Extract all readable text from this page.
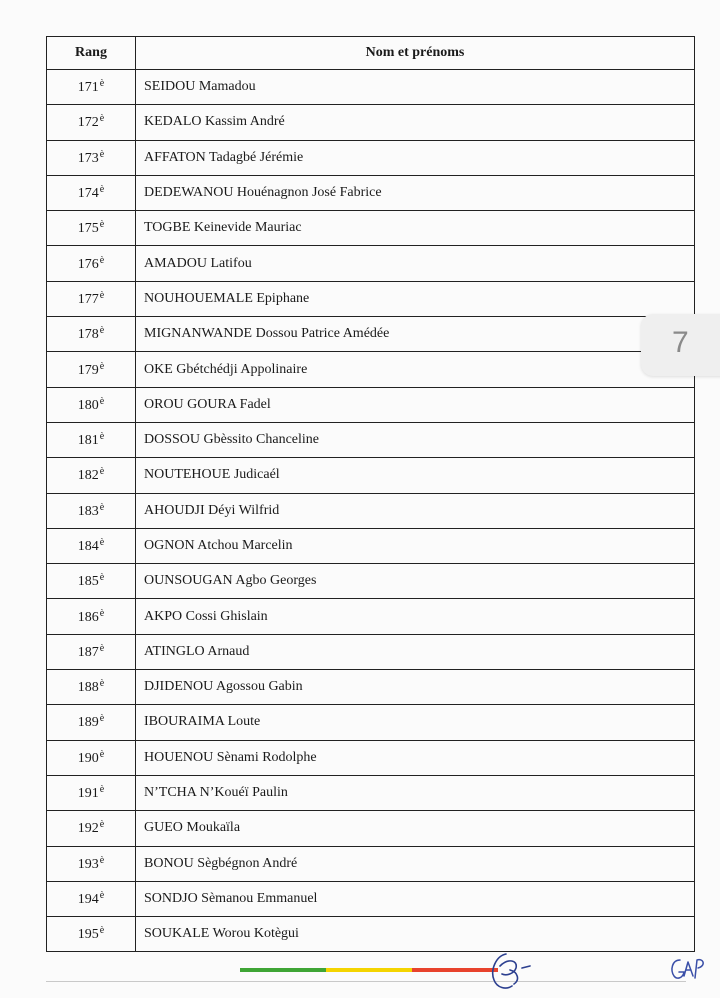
Rang	Nom et prénoms
$171^è$	SEIDOU Mamadou
$172^è$	KEDALO Kassim André
$173^è$	AFFATON Tadagbé Jérémie
$174^è$	DEDEWANOU Houénagnon José Fabrice
$175^è$	TOGBE Keinevide Mauriac
$176^è$	AMADOU Latifou
$177^è$	NOUHOUEMALE Epiphane
$178^è$	MIGNANWANDE Dossou Patrice Amédée
$179^è$	OKE Gbétchédji Appolinaire
$180^è$	OROU GOURA Fadel
$181^è$	DOSSOU Gbèssito Chanceline
$182^è$	NOUTEHOUE Judicaél
$183^è$	AHOUDJI Déyi Wilfrid
$184^è$	OGNON Atchou Marcelin
$185^è$	OUNSOUGAN Agbo Georges
$186^è$	AKPO Cossi Ghislain
$187^è$	ATINGLO Arnaud
$188^è$	DJIDENOU Agossou Gabin
$189^è$	IBOURAIMA Loute
$190^è$	HOUENOU Sènami Rodolphe
$191^è$	N’TCHA N’Kouéï Paulin
$192^è$	GUEO Moukaïla
$193^è$	BONOU Sègbégnon André
$194^è$	SONDJO Sèmanou Emmanuel
$195^è$	SOUKALE Worou Kotègui
7
